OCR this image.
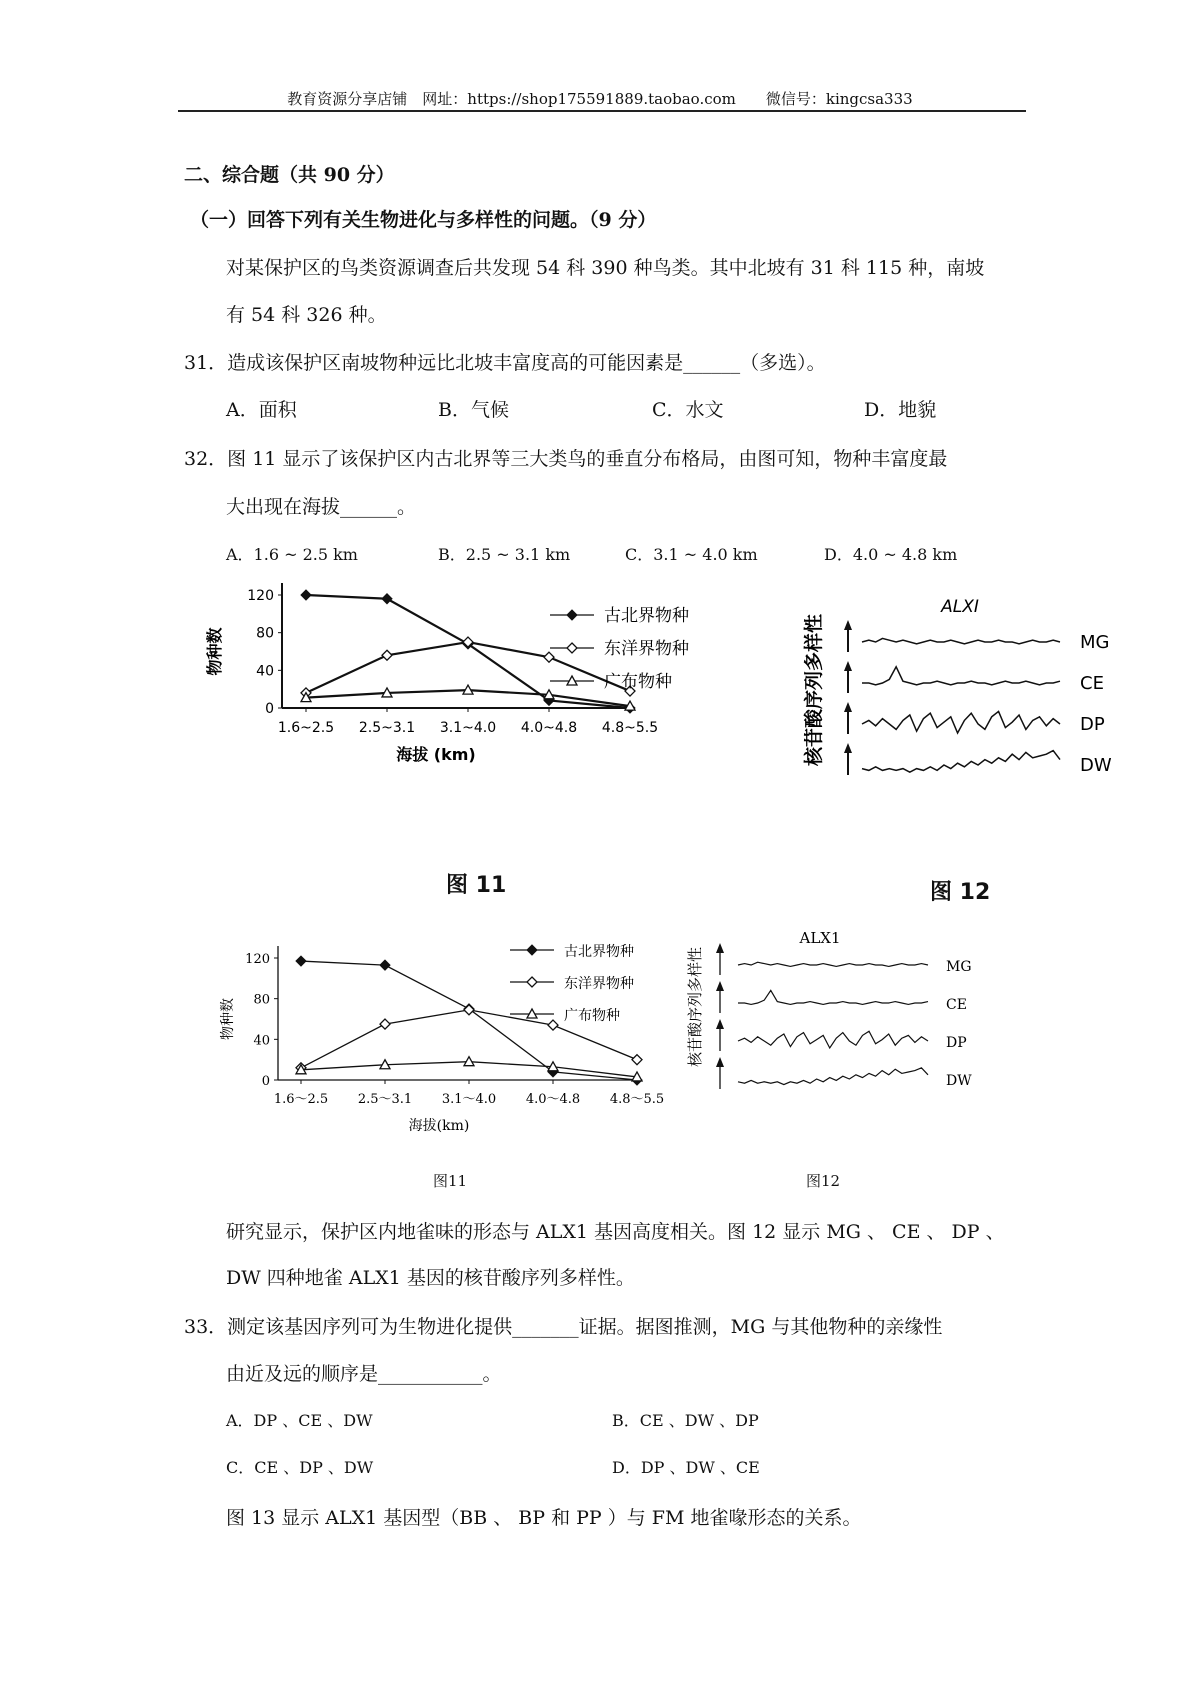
教育资源分享店铺　网址：https://shop175591889.taobao.com　　微信号：kingcsa333
二、综合题（共 90 分）
（一）回答下列有关生物进化与多样性的问题。（9 分）
对某保护区的鸟类资源调查后共发现 54 科 390 种鸟类。其中北坡有 31 科 115 种，南坡
有 54 科 326 种。
31．造成该保护区南坡物种远比北坡丰富度高的可能因素是______（多选）。
A．面积	B．气候	C．水文	D．地貌
32．图 11 显示了该保护区内古北界等三大类鸟的垂直分布格局，由图可知，物种丰富度最
大出现在海拔______。
A．1.6 ~ 2.5 km	B．2.5 ~ 3.1 km	C．3.1 ~ 4.0 km	D．4.0 ~ 4.8 km
0
40
80
120
1.6~2.5 2.5~3.1 3.1~4.0 4.0~4.8 4.8~5.5
海拔 (km)
物种数
古北界物种
东洋界物种
广布物种
ALXI
核苷酸序列多样性	MG
CE
DP
DW
图 11	图 12
0
40
80
120
1.6～2.5 2.5～3.1 3.1～4.0 4.0～4.8 4.8～5.5
海拔(km)
物种数
古北界物种
东洋界物种
广布物种
ALX1
核苷酸序列多样性	MG
CE
DP
DW
图11	图12
研究显示，保护区内地雀味的形态与 ALX1 基因高度相关。图 12 显示 MG 、 CE 、 DP 、
DW 四种地雀 ALX1 基因的核苷酸序列多样性。
33．测定该基因序列可为生物进化提供_______证据。据图推测，MG 与其他物种的亲缘性
由近及远的顺序是___________。
A．DP 、CE 、DW	B．CE 、DW 、DP
C．CE 、DP 、DW	D．DP 、DW 、CE
图 13 显示 ALX1 基因型（BB 、 BP 和 PP ）与 FM 地雀喙形态的关系。
